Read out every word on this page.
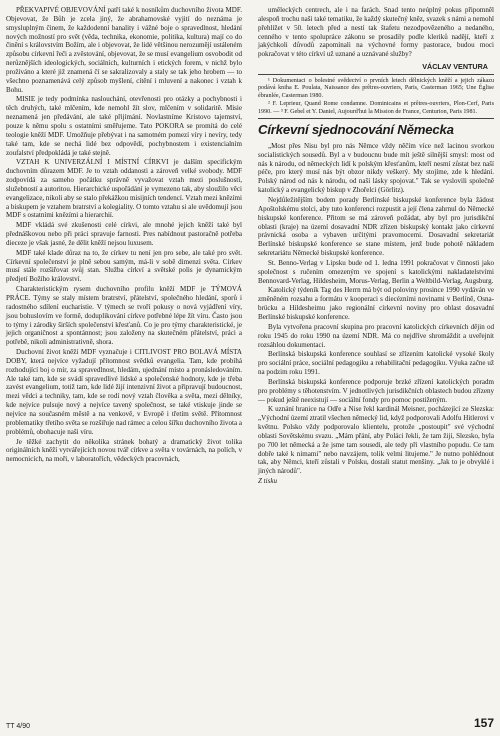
PŘEKVAPIVÉ OBJEVOVÁNÍ patří také k nosníkům duchovního života MDF. Objevovat, že Bůh je zcela jiný, že abrahamovské vyjití do neznáma je smysluplným činem, že každodenní banality i vážné boje o spravedlnost, hledání nových možností pro svět (věda, technika, ekonomie, politika, kultura) mají co do činění s královstvím Božím, ale i objevovat, že lidé většinou nerozumějí ustáleném způsobu církevní řeči a zvěstování, objevovat, že se musí evangelium osvobodit od nerůznějších ideologických, sociálních, kulturních i etických forem, v nichž bylo prožíváno a které již znamená čí se sakralizovaly a staly se tak jeho hrobem — to všechno poznamenává celý způsob myšlení, cítění i mluvení a nakonec i vztah k Bohu.

MISIE je tedy podmínka naslouchání, otevřenosti pro otázky a pochybnosti i těch druhých, také mlčením, kde nemohl žít slov, mlčením v solidaritě. Misie neznamená jen předávání, ale také přijímání. Novlastníme Kristovo tajemství, pouze k němu spolu s ostatními směřujeme. Tato POKORA se promítá do celé teologie kněží MDF. Umožňuje přebývat i na samotném pomezí víry i nevíry, tedy také tam, kde se nechá lidé bez odpovědí, pochybnostem i existencialním zoufalství předpokládá je také stejně.

VZTAH K UNIVERZÁLNÍ I MÍSTNÍ CÍRKVI je dalším specifickým duchovním důrazem MDF. Je to vztah oddanosti a zároveň velké svobody. MDF zodpovídá za sameho počátku správně vyvažovat vztah mezi poslušností, služebností a autoritou. Hierarchické uspořádání je vymezeno tak, aby sloužilo věci evangelizace, nikoli aby se stalo překážkou misijních tendencí. Vztah mezi knězími a biskupem je vztahem bratrství a kolegiality. O tomto vztahu si ale uvědomují jsou MDF s ostatními knězími a hierarchií.

MDF vkládá své zkušenosti celé církvi, ale mnohé jejich kněží také byl přednáškovou nebo při práci spravuje farnosti. Pres nabídnout pastoračně potřeba dieceze je však jasné, že dělit kněží nejsou luxusem.

MDF také klade důraz na to, že církev tu není jen pro sebe, ale také pro svět. Církevní společenství je plně sebou samým, má-li v sobě dimenzi světa. Církev musí stále rozšiřovat svůj stan. Služba církví a světské polis je dynamickým předjetí Božího království.

Charakteristickým rysem duchovního profilu kněží MDF je TÝMOVÁ PRÁCE. Týmy se staly místem bratrství, přátelství, společného hledání, sporů i radostného sdílení eucharistie. V týmech se tvoří pokusy o nová vyjádření víry, jsou bohuslovím ve formě, doduplikování církve potřebné lépe žít víru. Často jsou to týmy i zárodky širších společenství křesťanů. Co je pro týmy charakteristické, je jejich organičnost a spontánnost; jsou založeny na skutečném přátelství, práci a potřebě, nikoli administrativně, shora.

Duchovní život kněží MDF vyznačuje i CITLIVOST PRO BOLAVÁ MÍSTA DOBY, která nejvíce vyžadují přítomnost svědků evangelia. Tam, kde probíhá rozhodující boj o mír, za spravedlnost, hledám, ujednání místo a pronásledováním. Ale také tam, kde se svádí spravedlivé lidské a společenské hodnoty, kde je třeba zavést evangelium, totiž tam, kde lidé žijí intenzivní život a připravují budoucnost, mezi vědci a techniky, tam, kde se rodí nový vztah člověka a světa, mezi dělníky, kde nejvíce pulsuje nový a nejvíce tavený společnost, se také vtiskuje jinde se nejvíce na současném městě a na venkově, v Evropě i třetím světě. Přítomnost problematiky třetího světa se rozšiřuje nad rámec a celou šířku duchovního života a problémů, obohacuje naši víru.

Je těžké zachytit do několika stránek bohatý a dramatický život tolika originálních kněží vytvářejících novou tvář církve a světa v továrnách, na polích, v nemocnicích, na moři, v laboratořích, vědeckých pracovnách,

uměleckých centrech, ale i na farách. Snad tento neúplný pokus připomněl alespoň trochu naši také tematiku, že každý skutečný kněz, svazek s námi a nemohl přehlížet v 50. letech před a nestí tak štafetu nezodpovězeného a nedaného, cenného v tento spolupráce zákonu se prosadily podle kleriků nadějí, kteří z jakýchkoli důvodů zapomínali na výchovné formy pastorace, budou moci pokračovat v této církví už uznané a uznávané služby?

VÁCLAV VENTURA

¹ Dokumentaci o bolestné svědectví o prvních letech dělnických kněží a jejich zákazu podává kniha E. Poulata, Naissance des prêtres-ouvriers, Paris, Casterman 1965; Une Église ébranlée, Casterman 1980.

² F. Leprieur, Quand Rome condamne. Dominicains et prêtres-ouvriers, Plon-Cerf, Paris 1990. — ³ F. Gebel et Y. Daniel, Aujourd'hui la Mission de France, Centurion, Paris 1981.

Církevní sjednocování Německa

„Most přes Nisu byl pro nás Němce vždy něčím více než lacinou svorkou socialistických sousedů. Byl a v budoucnu bude mít ještě silnější smysl: most od nás k národu, od německých lidí k polským křesťanům, kteří nesmí zůstat bez naší péče, pro který musí nás být obzor nikdy veškerý. My stojíme, zde k hledání. Polský národ od nás k národu, od naší lásky spojovat." Tak se vyslovili společně katolický a evangelický biskup v Zhořelci (Görlitz).

Nejdůležitějším bodem porady Berlínské biskupské konference byla žádost Apoštolskému stolci, aby tuto konferenci rozpustit a její člena zahrnul do Německé biskupské konference. Přitom se má zároveň požádat, aby byl pro jurisdikční oblasti (kraje) na území dosavadní NDR zřízen biskupský kontakt jako církevní právnická osoba a vybaven určitými pravomocemi. Dosavadní sekretariát Berlínské biskupské konference se stane místem, jenž bude pohotě nákladem sekretariátu Německé biskupské konference.

St. Benno-Verlag v Lipsku bude od 1. ledna 1991 pokračovat v činnosti jako společnost s ručením omezeným ve spojení s katolickými nakladatelstvími Bennovard-Verlag, Hildesheim, Morus-Verlag, Berlin a Weltbild-Verlag, Augsburg.

Katolický týdeník Tag des Herrn má být od poloviny prosince 1990 vydáván ve změněném rozsahu a formátu v kooperaci s diecézními novinami v Berlíně, Osnabrücku a Hildesheimu jako regionální církevní noviny pro oblast dosavadní Berlínské biskupské konference.

Byla vytvořena pracovní skupina pro pracovní katolických církevních dějin od roku 1945 do roku 1990 na území NDR. Má co nejdříve shromáždit a uveřejnit rozsáhlou dokumentaci.

Berlínská biskupská konference souhlasí se zřízením katolické vysoké školy pro sociální práce, sociální pedagogiku a rehabilitační pedagogiku. Výuka začne už na podzim roku 1991.

Berlínská biskupská konference podporuje brzké zřízení katolických poradm pro problémy s těhotenstvím. V jednotlivých jurisdikčních oblastech budou zřízeny — pokud ještě neexistují — sociální fondy pro pomoc postiženým.

K uznání hranice na Odře a Nise řekl kardinál Meisner, pocházející ze Slezska: „Východní území ztratil všechen německý lid, když podporovali Adolfu Hitlerovi v květnu. Polsko vždy podporovalo klientelu, protože „postoupit" své východní oblasti Sovětskému svazu. „Mám přání, aby Poláci řekli, že tam žijí, Slezsko, byla po 700 let německá a že jsme tam sousedi, ale tedy při vlastního popudu. Ce tam dobře také k nimami" nebo navzájem, tolik velmi litujeme." Je nutno pohlédnout tak, aby Němci, kteří zůstali v Polsku, dostali statut menšiny. „Jak to je obvyklé i jiných národů".

Z tisku

TT 4/90	157
